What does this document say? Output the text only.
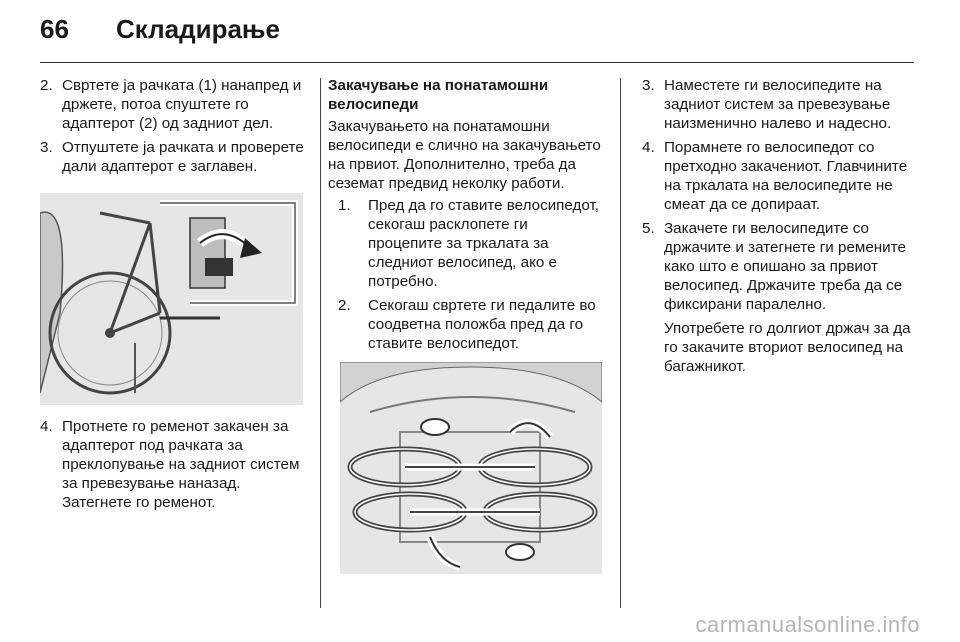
66 Складирање
2. Свртете ја рачката (1) нанапред и држете, потоа спуштете го адаптерот (2) од задниот дел.
3. Отпуштете ја рачката и проверете дали адаптерот е заглавен.
4. Протнете го ременот закачен за адаптерот под рачката за преклопување на задниот систем за превезување наназад. Затегнете го ременот.
Закачување на понатамошни велосипеди
Закачувањето на понатамошни велосипеди е слично на закачувањето на првиот. Дополнително, треба да сеземат предвид неколку работи.
1.	Пред да го ставите велосипедот, секогаш расклопете ги процепите за тркалата за следниот велосипед, ако е потребно.
2.	Секогаш свртете ги педалите во соодветна положба пред да го ставите велосипедот.
3. Наместете ги велосипедите на задниот систем за превезување наизменично налево и надесно.
4. Порамнете го велосипедот со претходно закачениот. Главчините на тркалата на велосипедите не смеат да се допираат.
5. Закачете ги велосипедите со држачите и затегнете ги ремените како што е опишано за првиот велосипед. Држачите треба да се фиксирани паралелно.
Употребете го долгиот држач за да го закачите вториот велосипед на багажникот.
carmanualsonline.info
